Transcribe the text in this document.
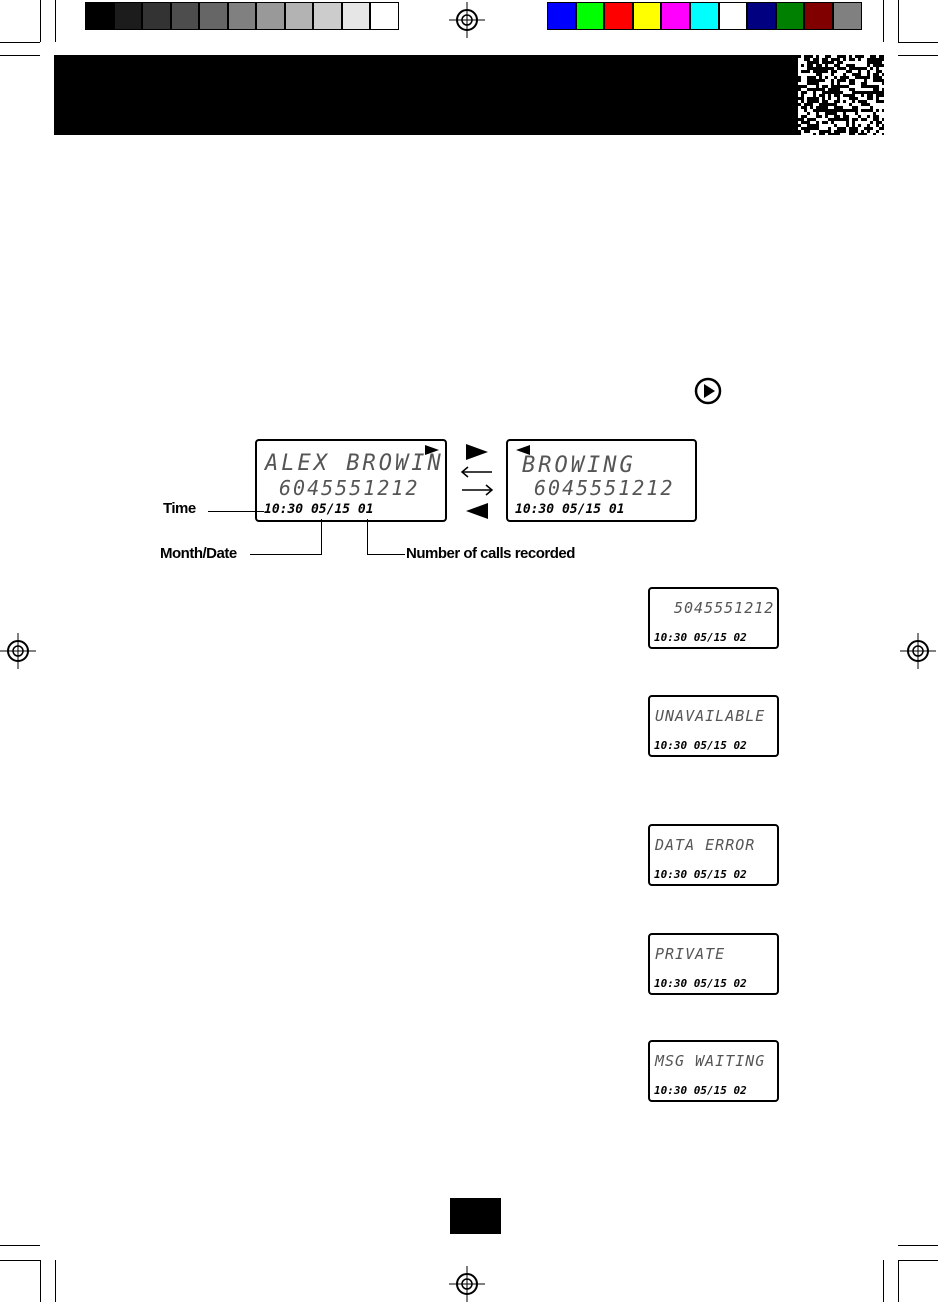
ALEX BROWIN
6045551212
10:30 05/15 01
BROWING
6045551212
10:30 05/15 01
Time
Month/Date	Number of calls recorded
5045551212
10:30 05/15 02
UNAVAILABLE
10:30 05/15 02
DATA ERROR
10:30 05/15 02
PRIVATE
10:30 05/15 02
MSG WAITING
10:30 05/15 02
